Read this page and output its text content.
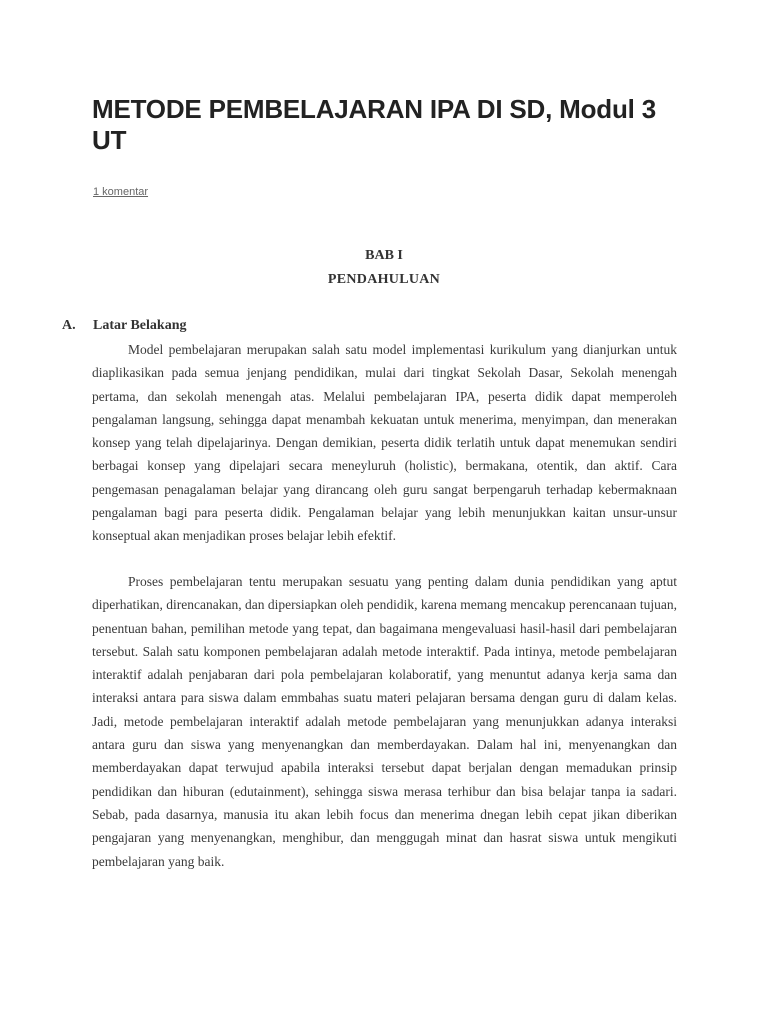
METODE PEMBELAJARAN IPA DI SD, Modul 3 UT
1 komentar

BAB I

PENDAHULUAN

A. Latar Belakang

Model pembelajaran merupakan salah satu model implementasi kurikulum yang dianjurkan untuk diaplikasikan pada semua jenjang pendidikan, mulai dari tingkat Sekolah Dasar, Sekolah menengah pertama, dan sekolah menengah atas. Melalui pembelajaran IPA, peserta didik dapat memperoleh pengalaman langsung, sehingga dapat menambah kekuatan untuk menerima, menyimpan, dan menerakan konsep yang telah dipelajarinya. Dengan demikian, peserta didik terlatih untuk dapat menemukan sendiri berbagai konsep yang dipelajari secara meneyluruh (holistic), bermakana, otentik, dan aktif. Cara pengemasan penagalaman belajar yang dirancang oleh guru sangat berpengaruh terhadap kebermaknaan pengalaman bagi para peserta didik. Pengalaman belajar yang lebih menunjukkan kaitan unsur-unsur konseptual akan menjadikan proses belajar lebih efektif.

Proses pembelajaran tentu merupakan sesuatu yang penting dalam dunia pendidikan yang aptut diperhatikan, direncanakan, dan dipersiapkan oleh pendidik, karena memang mencakup perencanaan tujuan, penentuan bahan, pemilihan metode yang tepat, dan bagaimana mengevaluasi hasil-hasil dari pembelajaran tersebut. Salah satu komponen pembelajaran adalah metode interaktif. Pada intinya, metode pembelajaran interaktif adalah penjabaran dari pola pembelajaran kolaboratif, yang menuntut adanya kerja sama dan interaksi antara para siswa dalam emmbahas suatu materi pelajaran bersama dengan guru di dalam kelas. Jadi, metode pembelajaran interaktif adalah metode pembelajaran yang menunjukkan adanya interaksi antara guru dan siswa yang menyenangkan dan memberdayakan. Dalam hal ini, menyenangkan dan memberdayakan dapat terwujud apabila interaksi tersebut dapat berjalan dengan memadukan prinsip pendidikan dan hiburan (edutainment), sehingga siswa merasa terhibur dan bisa belajar tanpa ia sadari. Sebab, pada dasarnya, manusia itu akan lebih focus dan menerima dnegan lebih cepat jikan diberikan pengajaran yang menyenangkan, menghibur, dan menggugah minat dan hasrat siswa untuk mengikuti pembelajaran yang baik.
